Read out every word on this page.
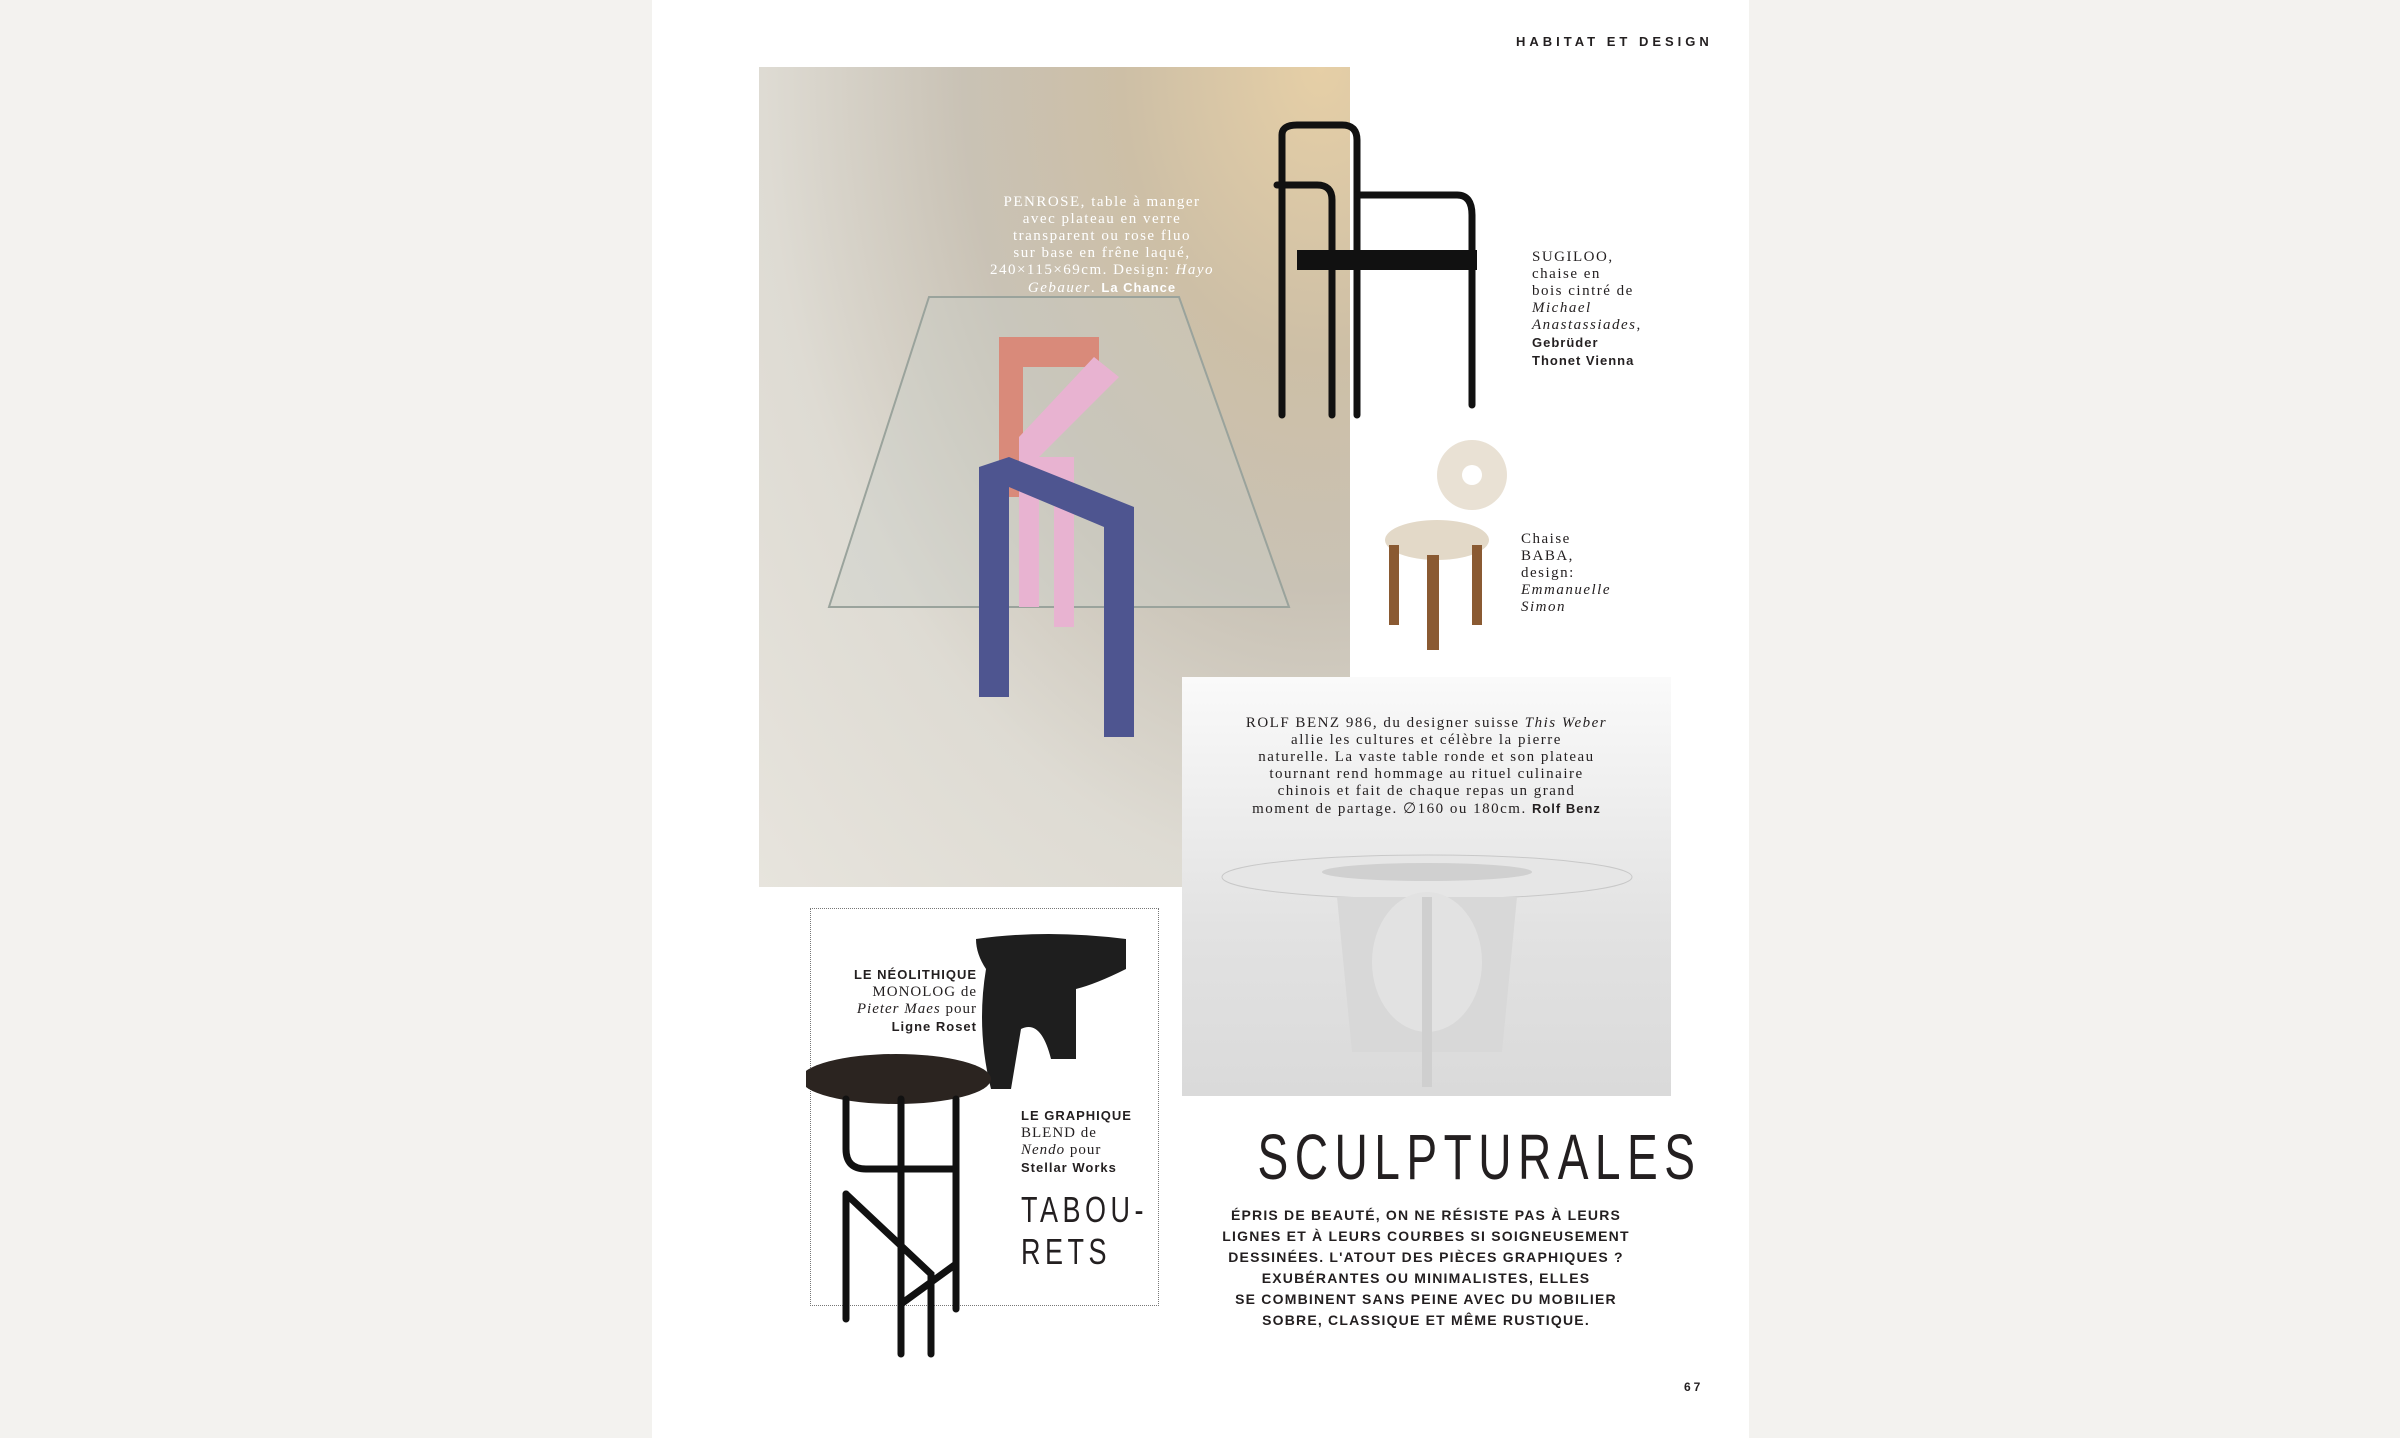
HABITAT ET DESIGN
PENROSE, table à manger
avec plateau en verre
transparent ou rose fluo
sur base en frêne laqué,
240×115×69cm. Design: Hayo
Gebauer. La Chance
SUGILOO,
chaise en
bois cintré de
Michael
Anastassiades,
Gebrüder
Thonet Vienna
Chaise
BABA,
design:
Emmanuelle
Simon
ROLF BENZ 986, du designer suisse This Weber
allie les cultures et célèbre la pierre
naturelle. La vaste table ronde et son plateau
tournant rend hommage au rituel culinaire
chinois et fait de chaque repas un grand
moment de partage. ∅160 ou 180cm. Rolf Benz
LE NÉOLITHIQUE
MONOLOG de
Pieter Maes pour
Ligne Roset
LE GRAPHIQUE
BLEND de
Nendo pour
Stellar Works
TABOU-
RETS
SCULPTURALES
ÉPRIS DE BEAUTÉ, ON NE RÉSISTE PAS À LEURS
LIGNES ET À LEURS COURBES SI SOIGNEUSEMENT
DESSINÉES. L'ATOUT DES PIÈCES GRAPHIQUES ?
EXUBÉRANTES OU MINIMALISTES, ELLES
SE COMBINENT SANS PEINE AVEC DU MOBILIER
SOBRE, CLASSIQUE ET MÊME RUSTIQUE.
67
